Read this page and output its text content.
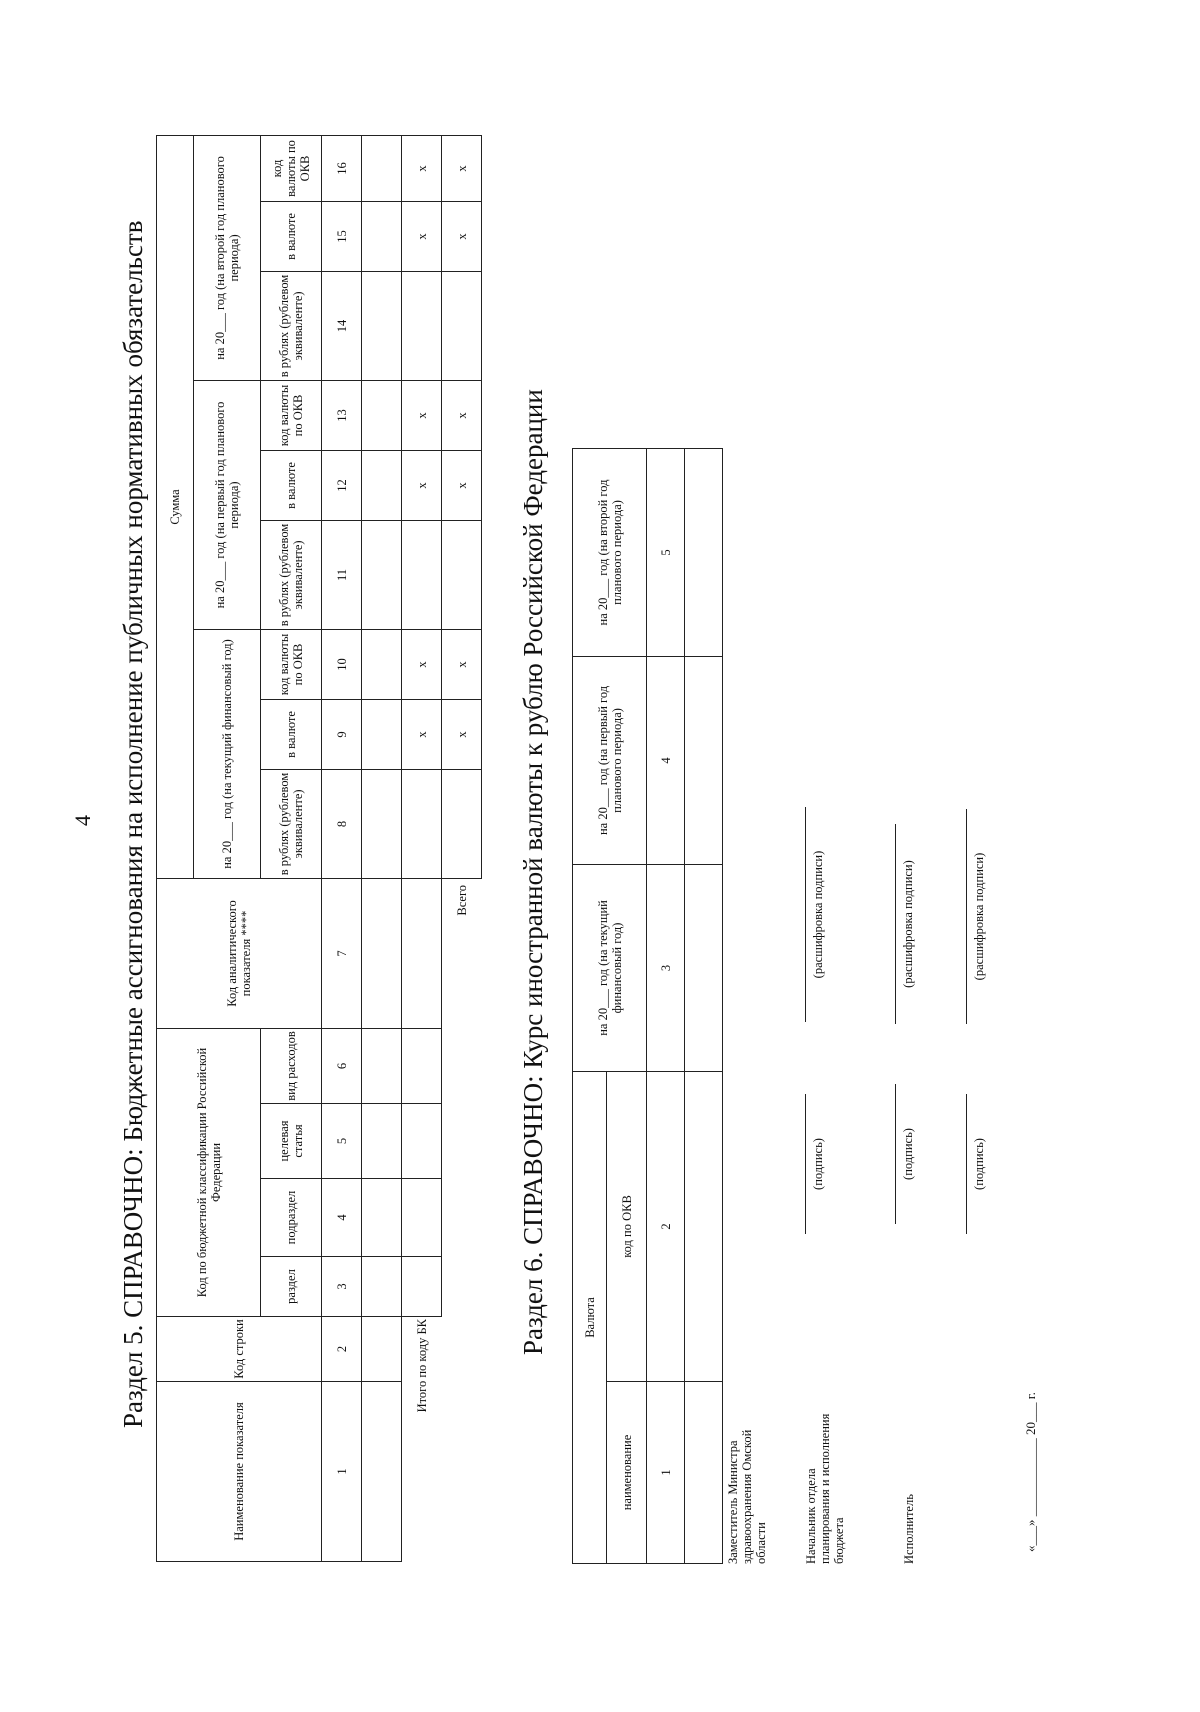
4 Раздел 5. СПРАВОЧНО: Бюджетные ассигнования на исполнение публичных нормативных обязательств
Наименование показателя	Код строки	Код по бюджетной классификации Российской Федерации				Код аналитического показателя ****	Сумма								
							на 20___ год (на текущий финансовый год)			на 20___ год (на первый год планового периода)			на 20___ год (на второй год планового периода)		
		раздел	подраздел	целевая статья	вид расходов		в рублях (рублевом эквиваленте)	в валюте	код валюты по ОКВ	в рублях (рублевом эквиваленте)	в валюте	код валюты по ОКВ	в рублях (рублевом эквиваленте)	в валюте	код валюты по ОКВ
1	2	3	4	5	6	7	8	9	10	11	12	13	14	15	16

Итого по коду БК								x	x		x	x		x	x
Всего								x	x		x	x		x	x
Раздел 6. СПРАВОЧНО: Курс иностранной валюты к рублю Российской Федерации	Валюта		на 20___ год (на текущий финансовый год)	на 20___ год (на первый год планового периода)	на 20___ год (на второй год планового периода)
наименование	код по ОКВ			
1	2	3	4	5

Заместитель Министра здравоохранения Омской области
(подпись)
(расшифровка подписи)
Начальник отдела планирования и исполнения бюджета
(подпись)
(расшифровка подписи)
Исполнитель
(подпись)
(расшифровка подписи)
«___» ____________ 20___ г.
